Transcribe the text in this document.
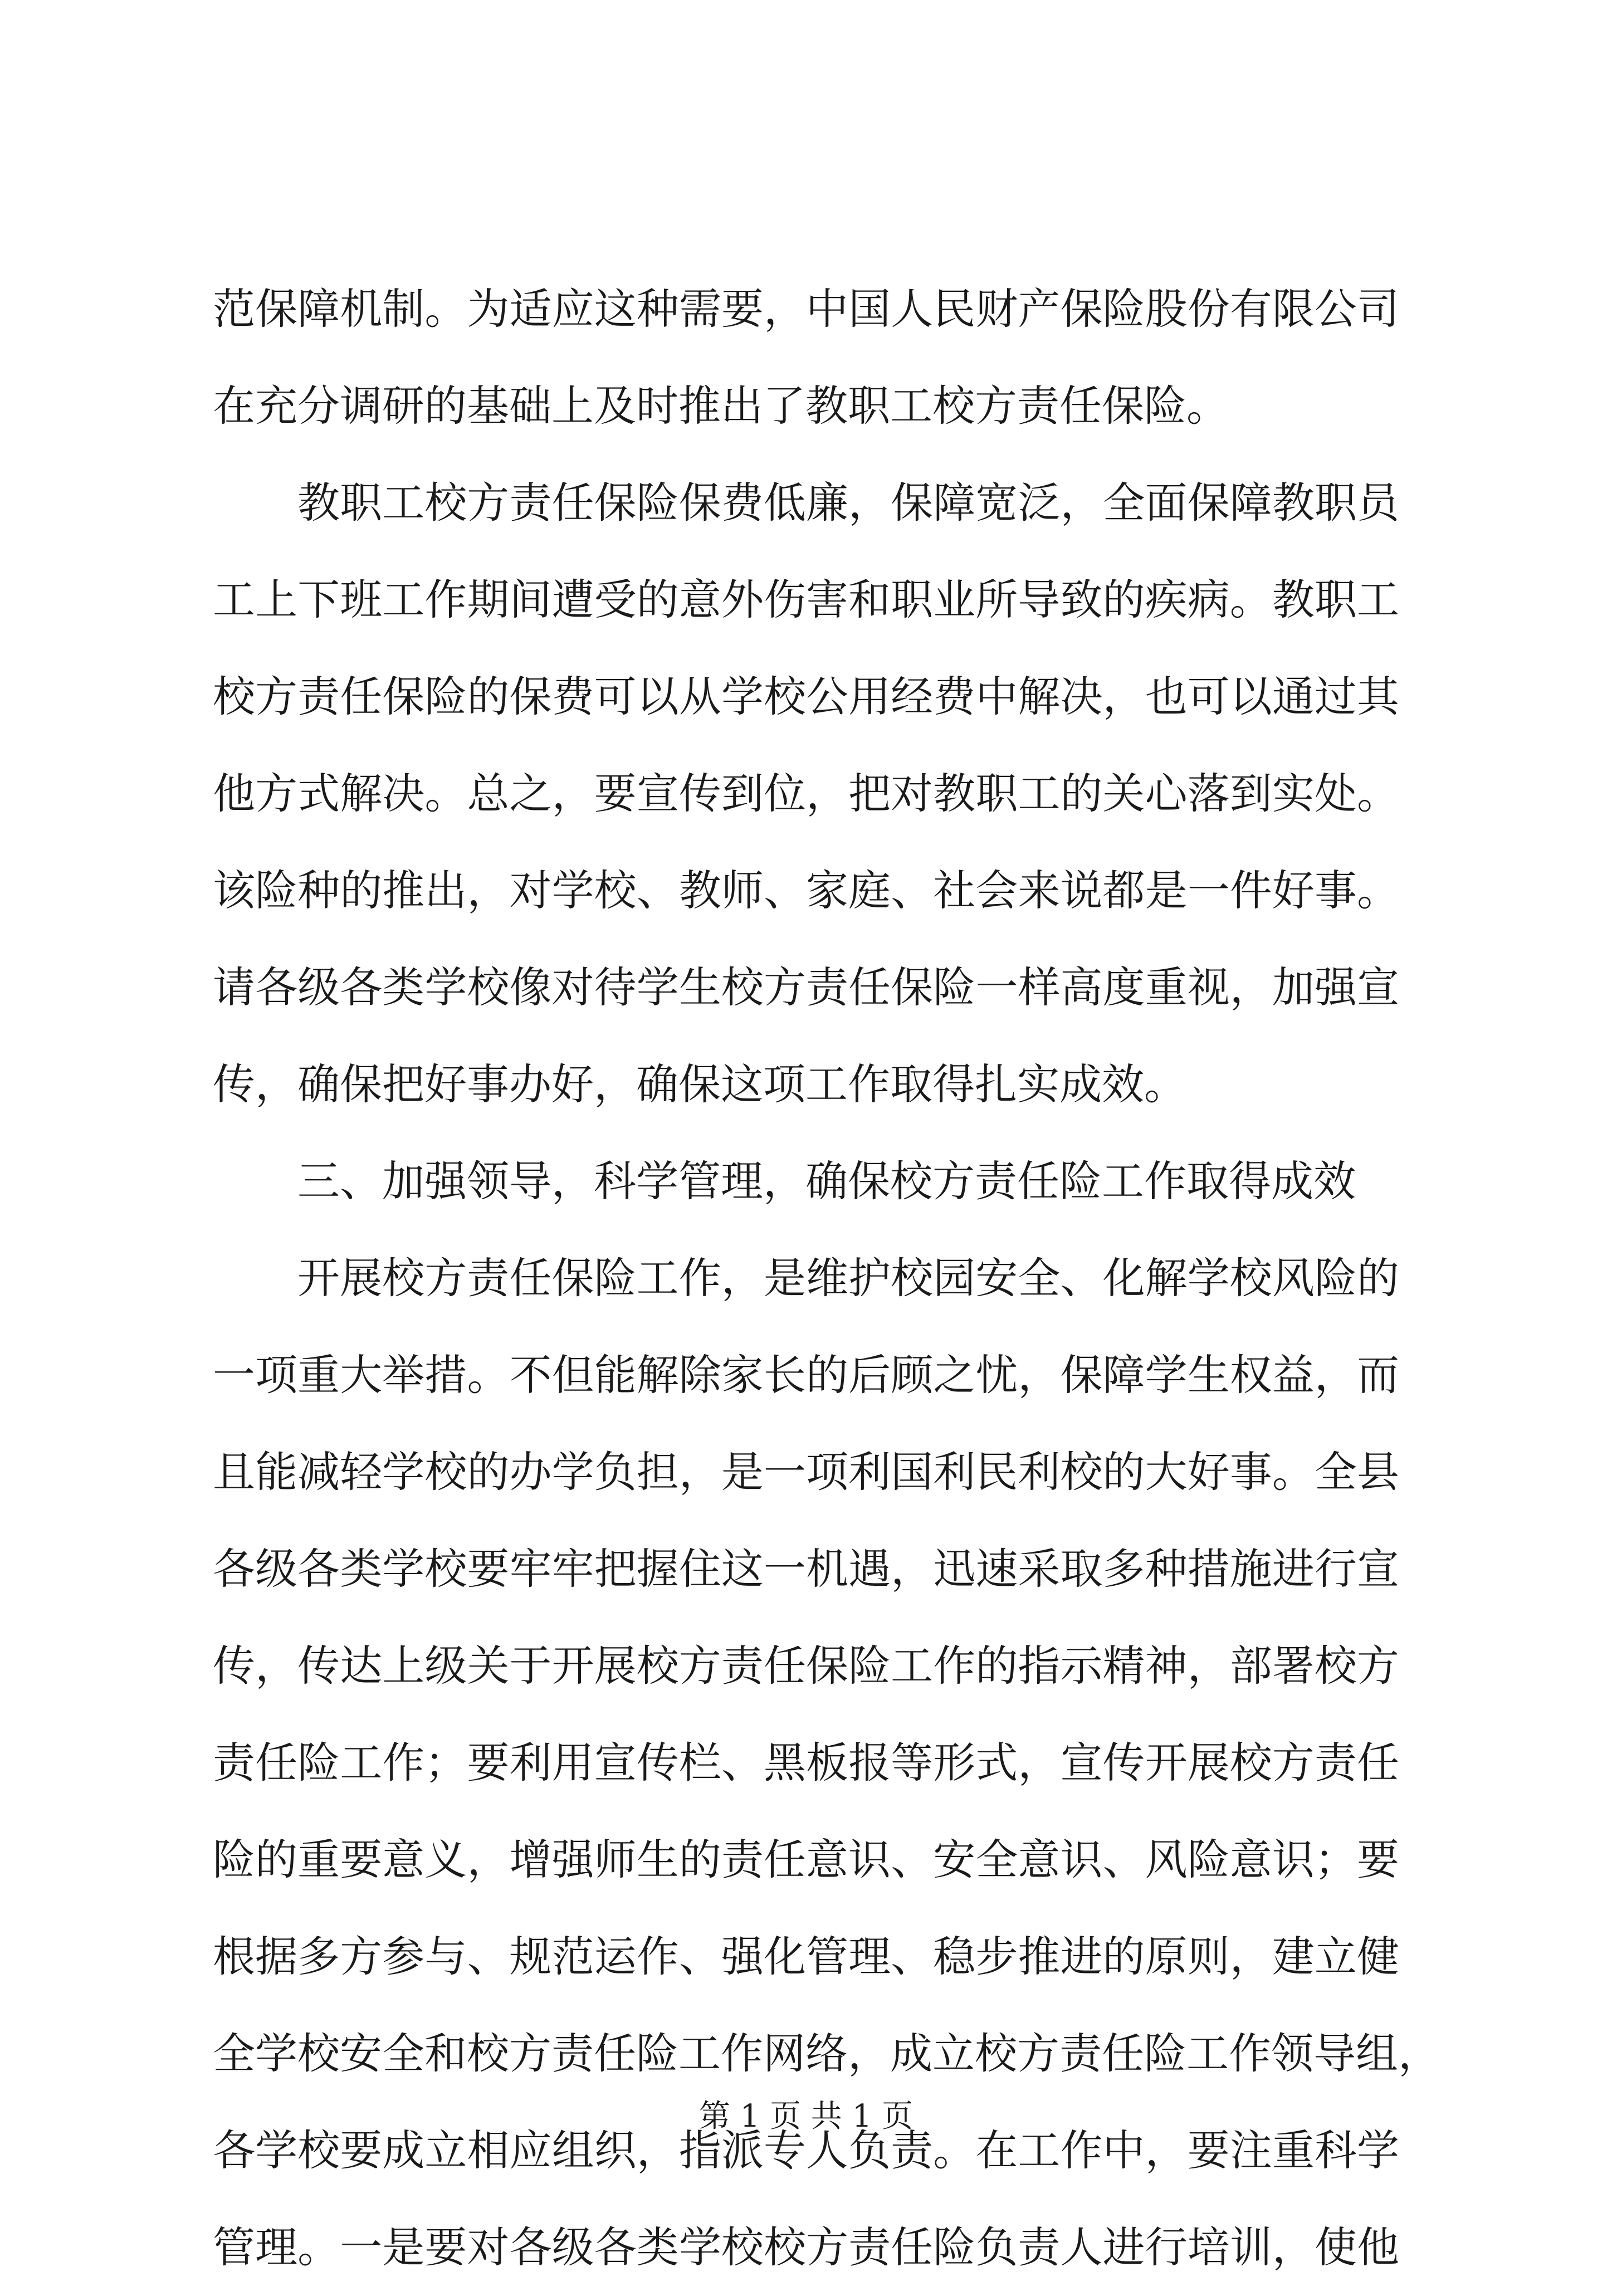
范保障机制。为适应这种需要，中国人民财产保险股份有限公司
在充分调研的基础上及时推出了教职工校方责任保险。
教职工校方责任保险保费低廉，保障宽泛，全面保障教职员
工上下班工作期间遭受的意外伤害和职业所导致的疾病。教职工
校方责任保险的保费可以从学校公用经费中解决，也可以通过其
他方式解决。总之，要宣传到位，把对教职工的关心落到实处。
该险种的推出，对学校、教师、家庭、社会来说都是一件好事。
请各级各类学校像对待学生校方责任保险一样高度重视，加强宣
传，确保把好事办好，确保这项工作取得扎实成效。
三、加强领导，科学管理，确保校方责任险工作取得成效
开展校方责任保险工作，是维护校园安全、化解学校风险的
一项重大举措。不但能解除家长的后顾之忧，保障学生权益，而
且能减轻学校的办学负担，是一项利国利民利校的大好事。全县
各级各类学校要牢牢把握住这一机遇，迅速采取多种措施进行宣
传，传达上级关于开展校方责任保险工作的指示精神，部署校方
责任险工作；要利用宣传栏、黑板报等形式，宣传开展校方责任
险的重要意义，增强师生的责任意识、安全意识、风险意识；要
根据多方参与、规范运作、强化管理、稳步推进的原则，建立健
全学校安全和校方责任险工作网络，成立校方责任险工作领导组，
各学校要成立相应组织，指派专人负责。在工作中，要注重科学
管理。一是要对各级各类学校校方责任险负责人进行培训，使他
第 1 页 共 1 页
